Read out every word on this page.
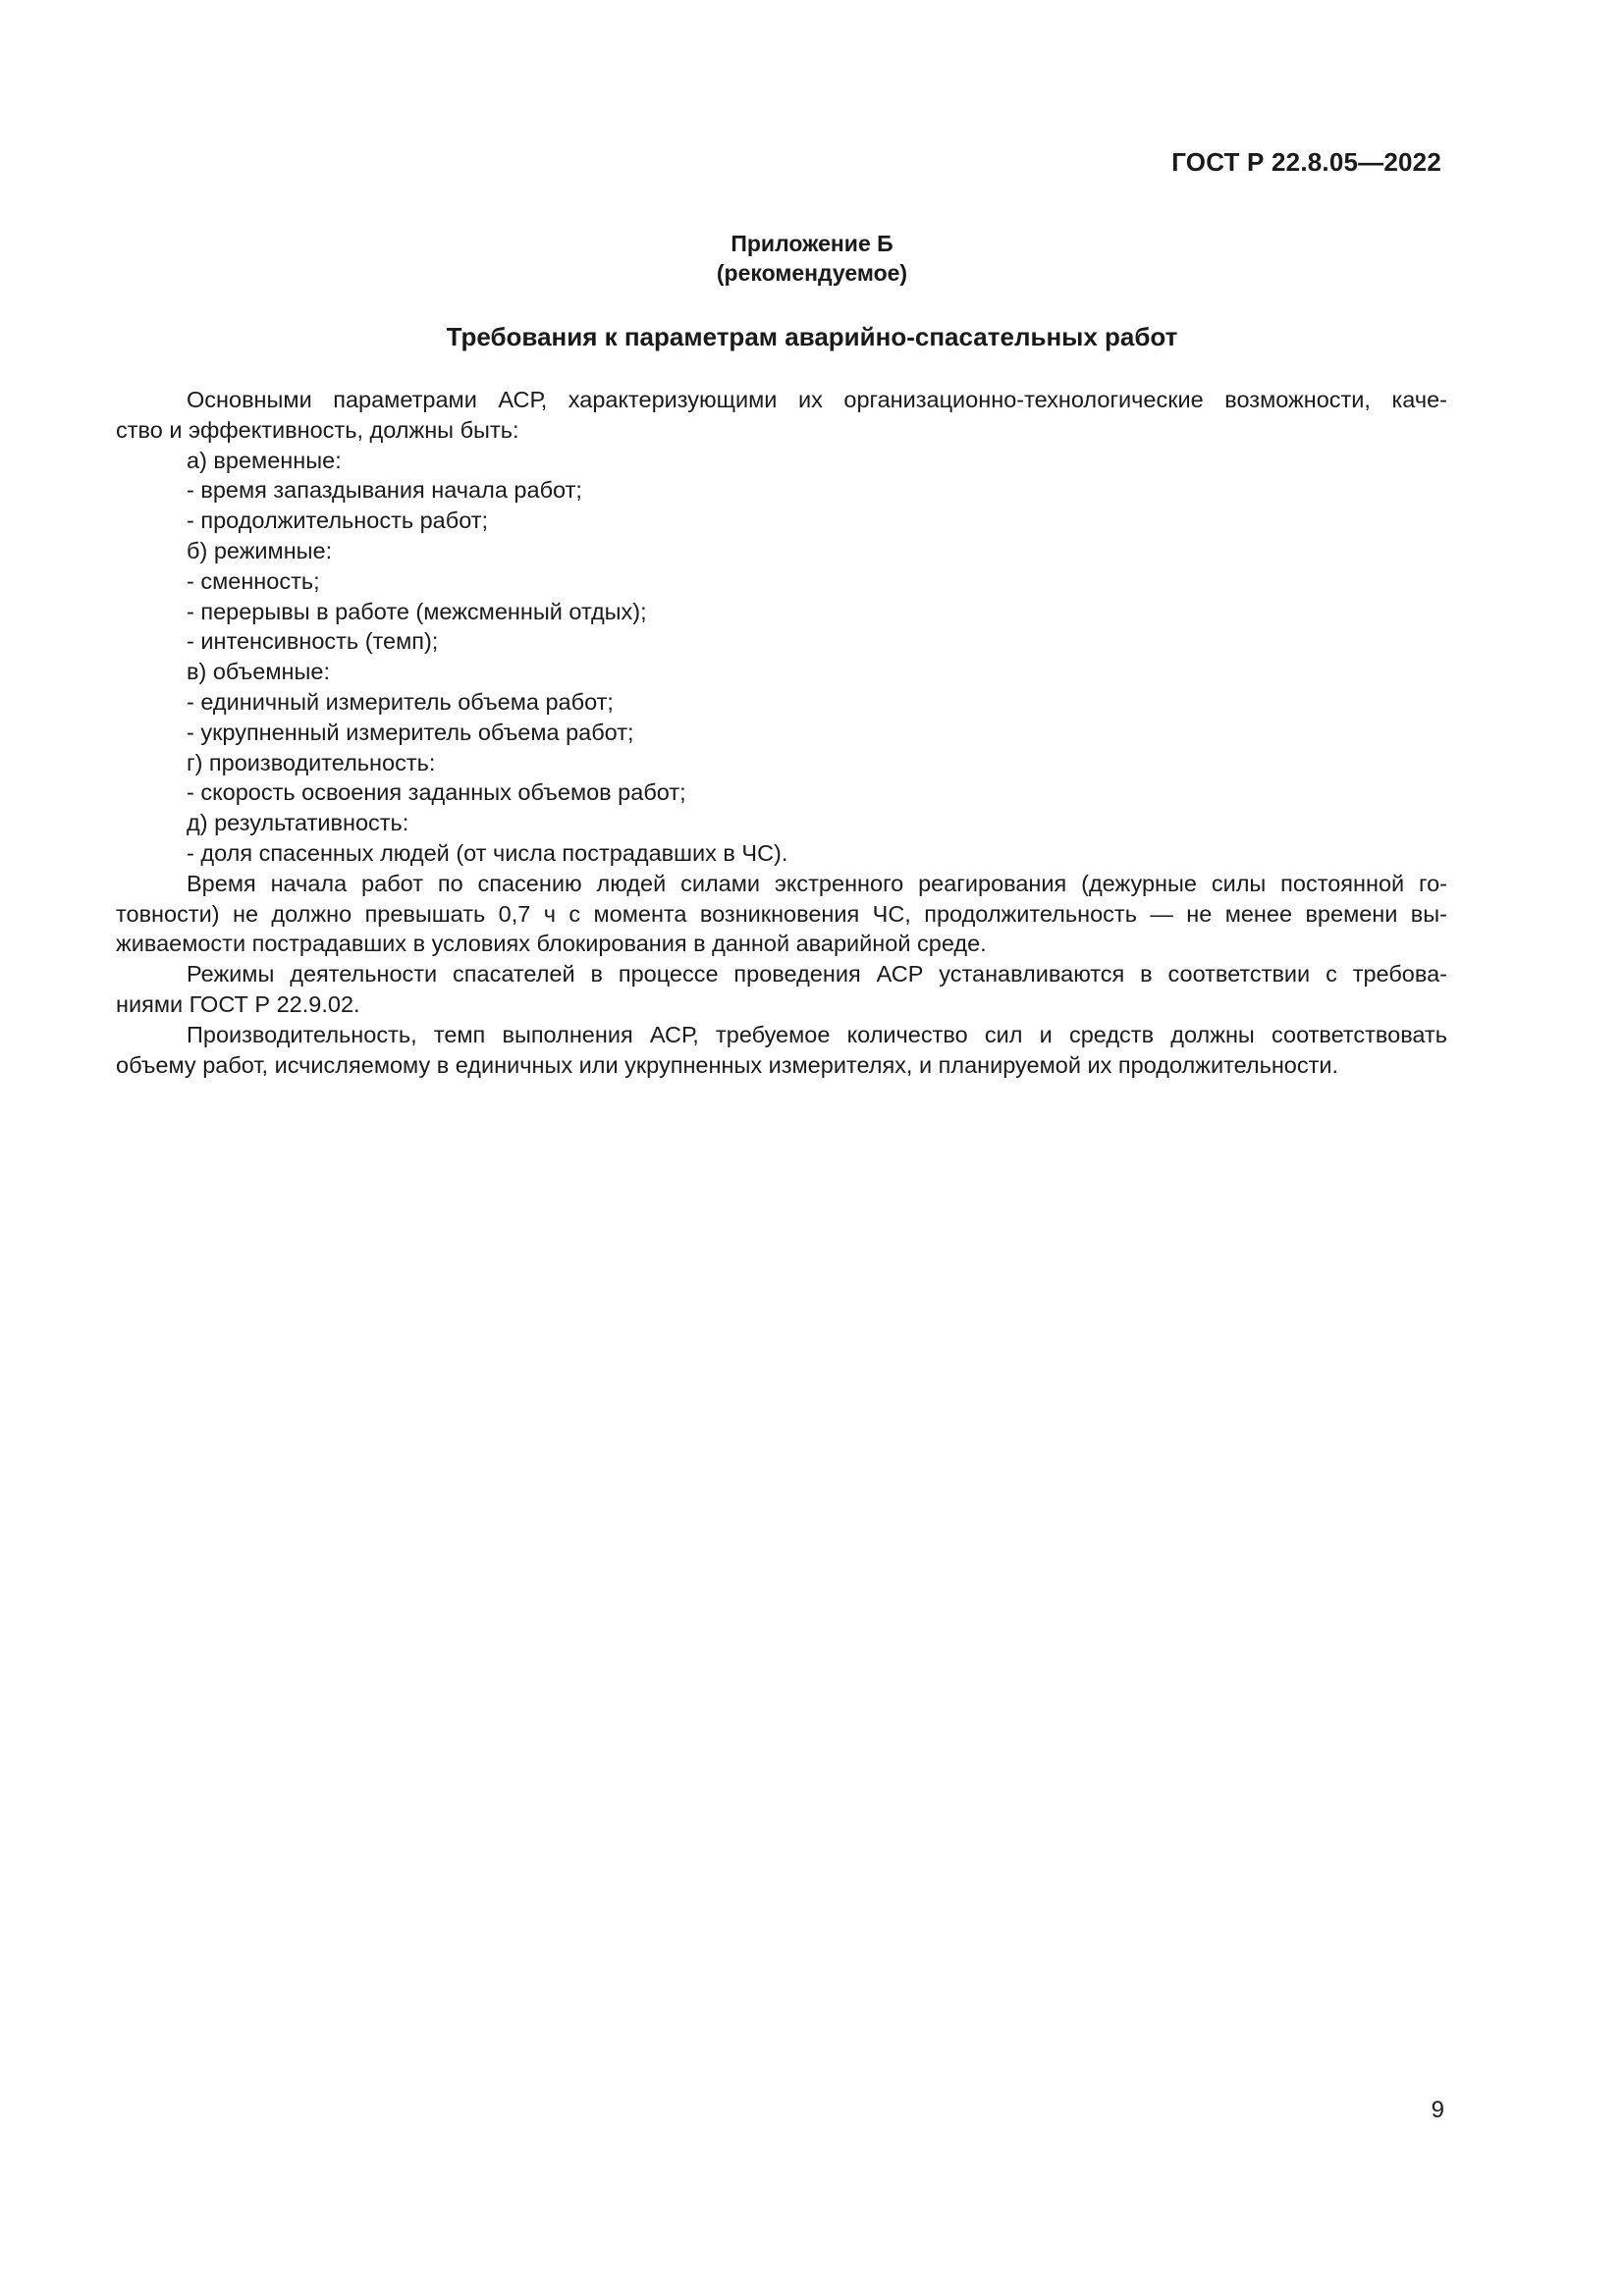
ГОСТ Р 22.8.05—2022
Приложение Б
(рекомендуемое)
Требования к параметрам аварийно-спасательных работ
Основными параметрами АСР, характеризующими их организационно-технологические возможности, каче-
ство и эффективность, должны быть:
а) временные:
- время запаздывания начала работ;
- продолжительность работ;
б) режимные:
- сменность;
- перерывы в работе (межсменный отдых);
- интенсивность (темп);
в) объемные:
- единичный измеритель объема работ;
- укрупненный измеритель объема работ;
г) производительность:
- скорость освоения заданных объемов работ;
д) результативность:
- доля спасенных людей (от числа пострадавших в ЧС).
Время начала работ по спасению людей силами экстренного реагирования (дежурные силы постоянной го-
товности) не должно превышать 0,7 ч с момента возникновения ЧС, продолжительность — не менее времени вы-
живаемости пострадавших в условиях блокирования в данной аварийной среде.
Режимы деятельности спасателей в процессе проведения АСР устанавливаются в соответствии с требова-
ниями ГОСТ Р 22.9.02.
Производительность, темп выполнения АСР, требуемое количество сил и средств должны соответствовать
объему работ, исчисляемому в единичных или укрупненных измерителях, и планируемой их продолжительности.
9
